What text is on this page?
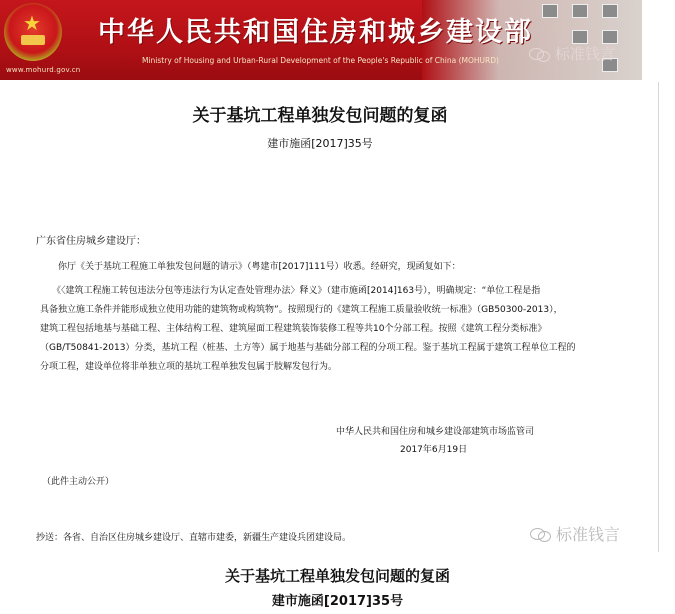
★
www.mohurd.gov.cn
中华人民共和国住房和城乡建设部
Ministry of Housing and Urban-Rural Development of the People's Republic of China (MOHURD)	标准钱言
关于基坑工程单独发包问题的复函
建市施函[2017]35号
广东省住房城乡建设厅：
你厅《关于基坑工程施工单独发包问题的请示》（粤建市[2017]111号）收悉。经研究，现函复如下：
《〈建筑工程施工转包违法分包等违法行为认定查处管理办法〉释义》（建市施函[2014]163号），明确规定：“单位工程是指
具备独立施工条件并能形成独立使用功能的建筑物或构筑物”。按照现行的《建筑工程施工质量验收统一标准》（GB50300-2013），
建筑工程包括地基与基础工程、主体结构工程、建筑屋面工程建筑装饰装修工程等共10个分部工程。按照《建筑工程分类标准》
（GB/T50841-2013）分类，基坑工程（桩基、土方等）属于地基与基础分部工程的分项工程。鉴于基坑工程属于建筑工程单位工程的
分项工程，建设单位将非单独立项的基坑工程单独发包属于肢解发包行为。
中华人民共和国住房和城乡建设部建筑市场监管司
2017年6月19日
（此件主动公开）
标准钱言
抄送：各省、自治区住房城乡建设厅、直辖市建委，新疆生产建设兵团建设局。
关于基坑工程单独发包问题的复函
建市施函[2017]35号
